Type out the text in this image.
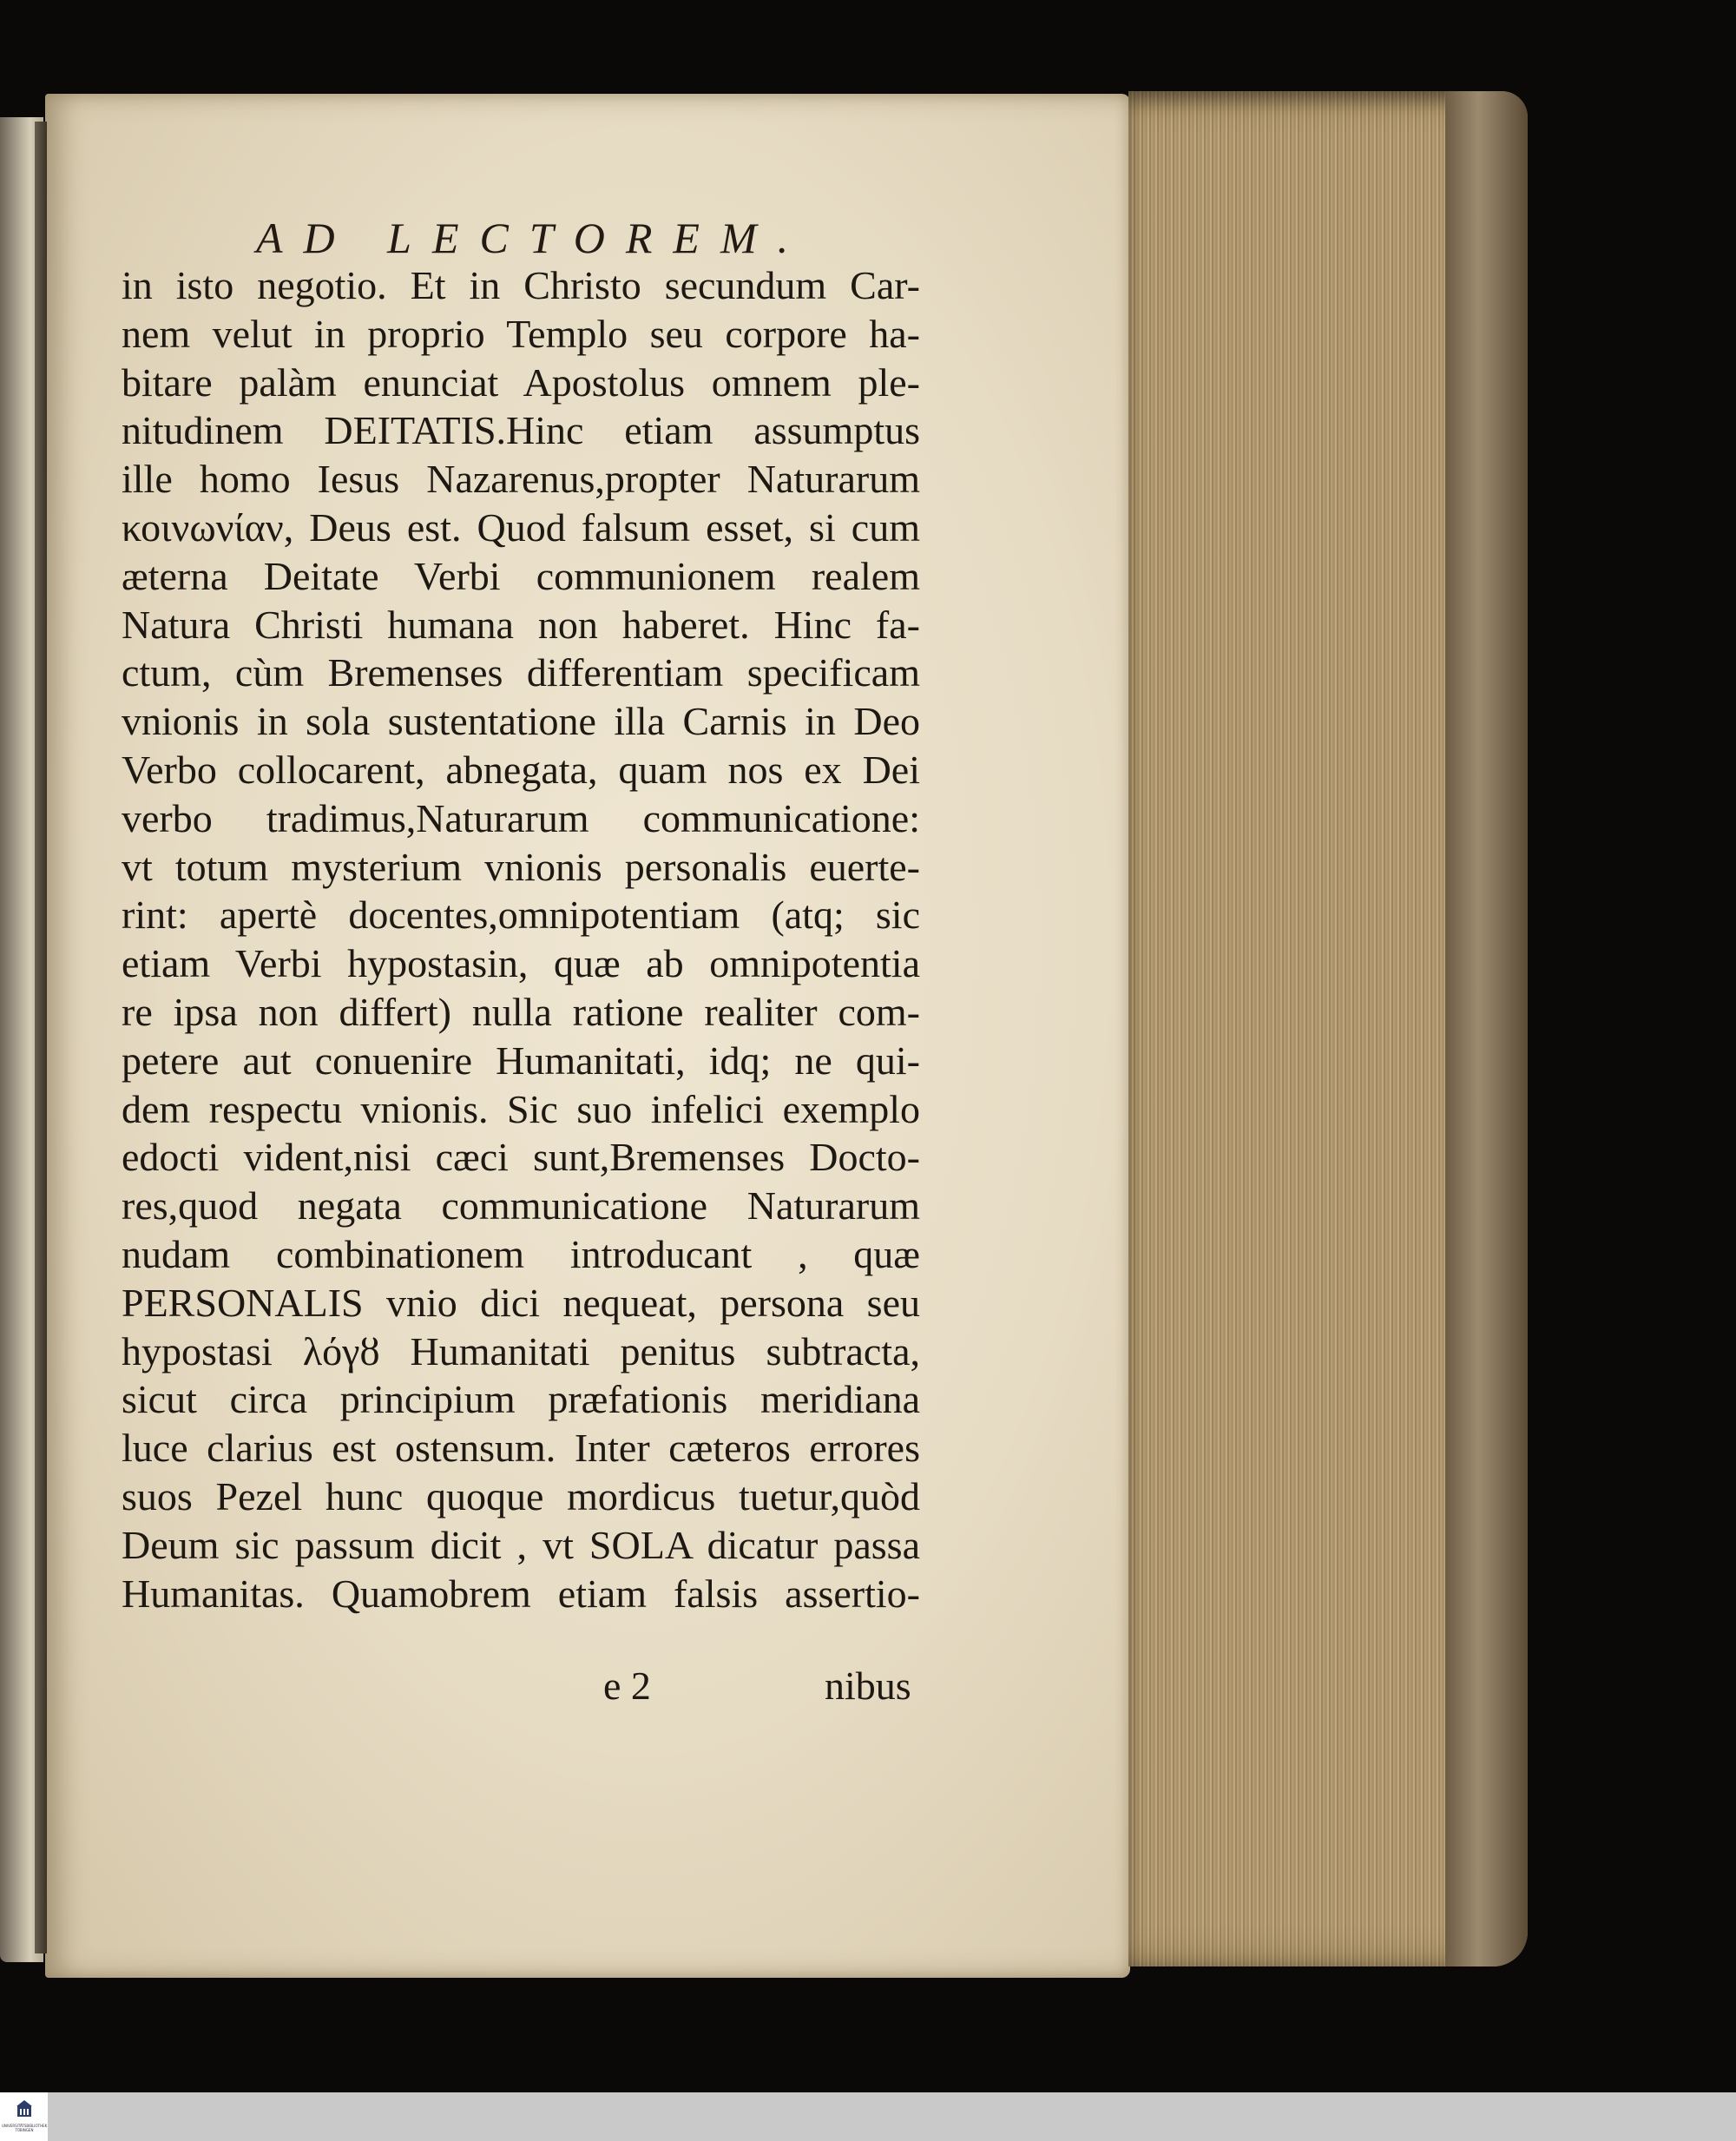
AD LECTOREM.
in isto negotio. Et in Christo secundum Car-
nem velut in proprio Templo seu corpore ha-
bitare palàm enunciat Apostolus omnem ple-
nitudinem DEITATIS.Hinc etiam assumptus
ille homo Iesus Nazarenus,propter Naturarum
κοινωνίαν, Deus est. Quod falsum esset, si cum
æterna Deitate Verbi communionem realem
Natura Christi humana non haberet. Hinc fa-
ctum, cùm Bremenses differentiam specificam
vnionis in sola sustentatione illa Carnis in Deo
Verbo collocarent, abnegata, quam nos ex Dei
verbo tradimus,Naturarum communicatione:
vt totum mysterium vnionis personalis euerte-
rint: apertè docentes,omnipotentiam (atq; sic
etiam Verbi hypostasin, quæ ab omnipotentia
re ipsa non differt) nulla ratione realiter com-
petere aut conuenire Humanitati, idq; ne qui-
dem respectu vnionis. Sic suo infelici exemplo
edocti vident,nisi cæci sunt,Bremenses Docto-
res,quod negata communicatione Naturarum
nudam combinationem introducant , quæ
PERSONALIS vnio dici nequeat, persona seu
hypostasi λόγȣ Humanitati penitus subtracta,
sicut circa principium præfationis meridiana
luce clarius est ostensum. Inter cæteros errores
suos Pezel hunc quoque mordicus tuetur,quòd
Deum sic passum dicit , vt SOLA dicatur passa
Humanitas. Quamobrem etiam falsis assertio-
e 2	nibus
UNIVERSITÄTSBIBLIOTHEK TÜBINGEN
